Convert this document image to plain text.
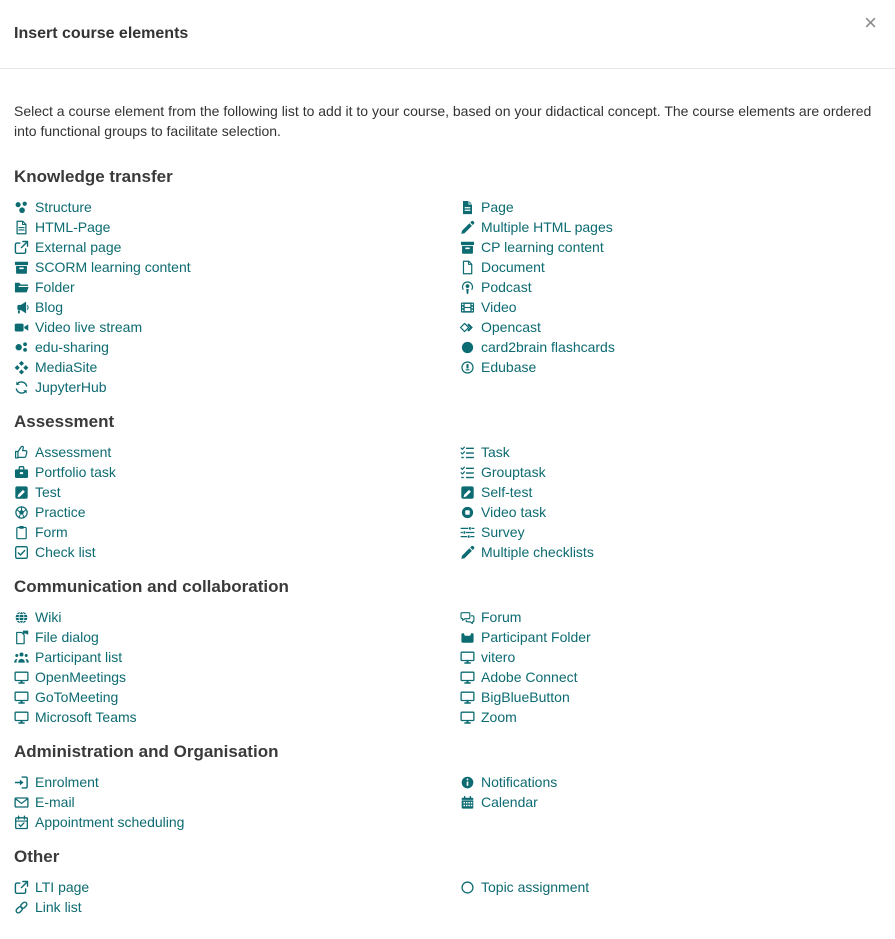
Insert course elements	×

Select a course element from the following list to add it to your course, based on your didactical concept. The course elements are ordered into functional groups to facilitate selection.

Knowledge transfer
Structure
HTML-Page
External page
SCORM learning content
Folder
Blog
Video live stream
edu-sharing
MediaSite
JupyterHub
Page
Multiple HTML pages
CP learning content
Document
Podcast
Video
Opencast
card2brain flashcards
Edubase
Assessment
Assessment
Portfolio task
Test
Practice
Form
Check list
Task
Grouptask
Self-test
Video task
Survey
Multiple checklists
Communication and collaboration
Wiki
File dialog
Participant list
OpenMeetings
GoToMeeting
Microsoft Teams
Forum
Participant Folder
vitero
Adobe Connect
BigBlueButton
Zoom
Administration and Organisation
Enrolment
E-mail
Appointment scheduling
Notifications
Calendar
Other
LTI page
Link list
Topic assignment
